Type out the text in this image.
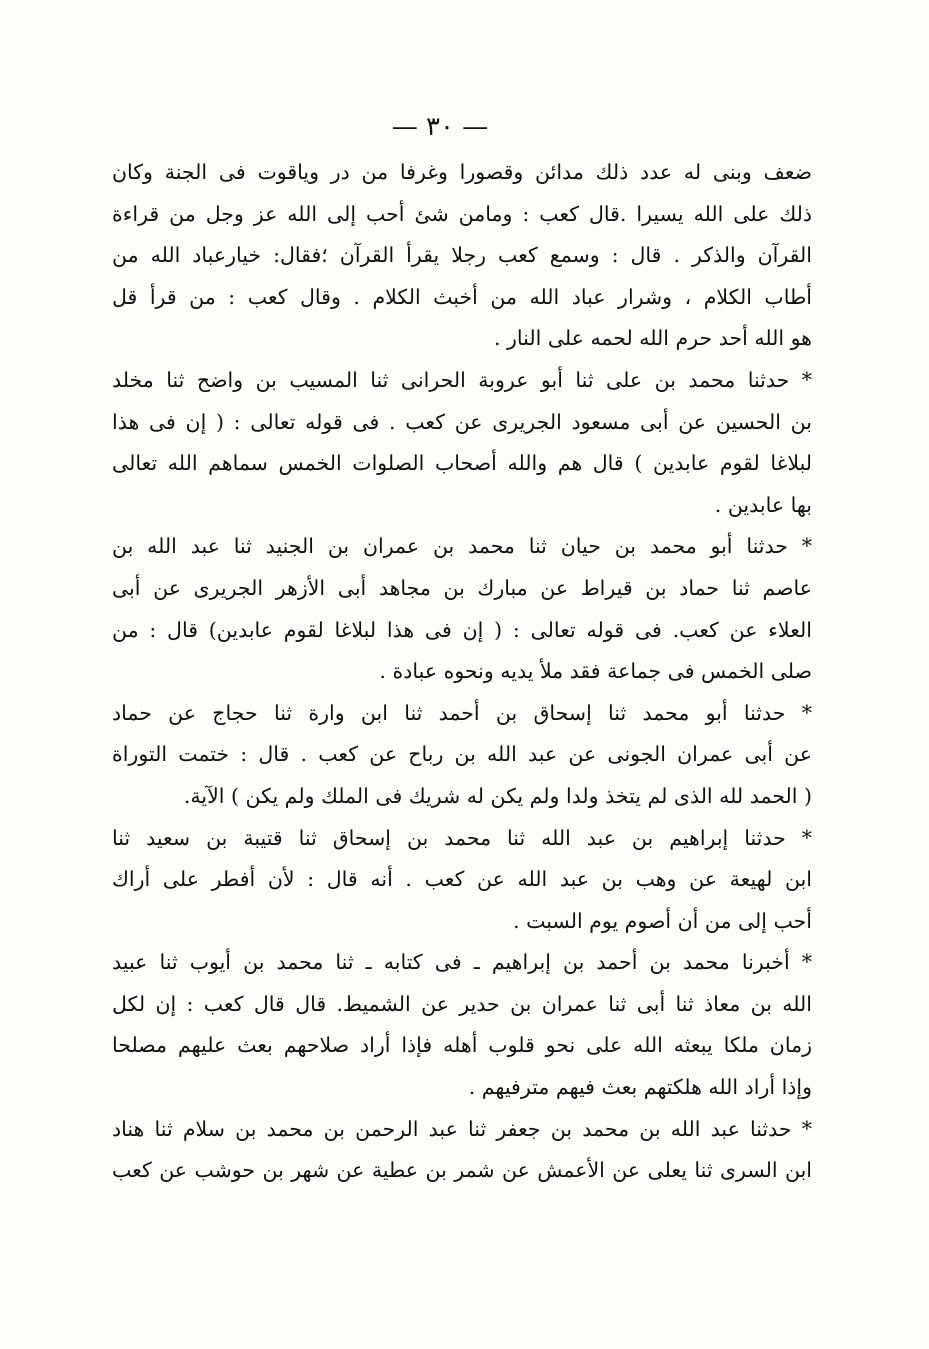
— ٣٠ —
ضعف وبنى له عدد ذلك مدائن وقصورا وغرفا من در وياقوت فى الجنة وكان
ذلك على الله يسيرا .قال كعب : ومامن شئ أحب إلى الله عز وجل من قراءة
القرآن والذكر . قال : وسمع كعب رجلا يقرأ القرآن ؛فقال: خيارعباد الله من
أطاب الكلام ، وشرار عباد الله من أخبث الكلام . وقال كعب : من قرأ قل
هو الله أحد حرم الله لحمه على النار .
* حدثنا محمد بن على ثنا أبو عروبة الحرانى ثنا المسيب بن واضح ثنا مخلد
بن الحسين عن أبى مسعود الجريرى عن كعب . فى قوله تعالى : ( إن فى هذا
لبلاغا لقوم عابدين ) قال هم والله أصحاب الصلوات الخمس سماهم الله تعالى
بها عابدين .
* حدثنا أبو محمد بن حيان ثنا محمد بن عمران بن الجنيد ثنا عبد الله بن
عاصم ثنا حماد بن قيراط عن مبارك بن مجاهد أبى الأزهر الجريرى عن أبى
العلاء عن كعب. فى قوله تعالى : ( إن فى هذا لبلاغا لقوم عابدين) قال : من
صلى الخمس فى جماعة فقد ملأ يديه ونحوه عبادة .
* حدثنا أبو محمد ثنا إسحاق بن أحمد ثنا ابن وارة ثنا حجاج عن حماد
عن أبى عمران الجونى عن عبد الله بن رباح عن كعب . قال : ختمت التوراة
( الحمد لله الذى لم يتخذ ولدا ولم يكن له شريك فى الملك ولم يكن ) الآية.
* حدثنا إبراهيم بن عبد الله ثنا محمد بن إسحاق ثنا قتيبة بن سعيد ثنا
ابن لهيعة عن وهب بن عبد الله عن كعب . أنه قال : لأن أفطر على أراك
أحب إلى من أن أصوم يوم السبت .
* أخبرنا محمد بن أحمد بن إبراهيم ـ فى كتابه ـ ثنا محمد بن أيوب ثنا عبيد
الله بن معاذ ثنا أبى ثنا عمران بن حدير عن الشميط. قال قال كعب : إن لكل
زمان ملكا يبعثه الله على نحو قلوب أهله فإذا أراد صلاحهم بعث عليهم مصلحا
وإذا أراد الله هلكتهم بعث فيهم مترفيهم .
* حدثنا عبد الله بن محمد بن جعفر ثنا عبد الرحمن بن محمد بن سلام ثنا هناد
ابن السرى ثنا يعلى عن الأعمش عن شمر بن عطية عن شهر بن حوشب عن كعب
